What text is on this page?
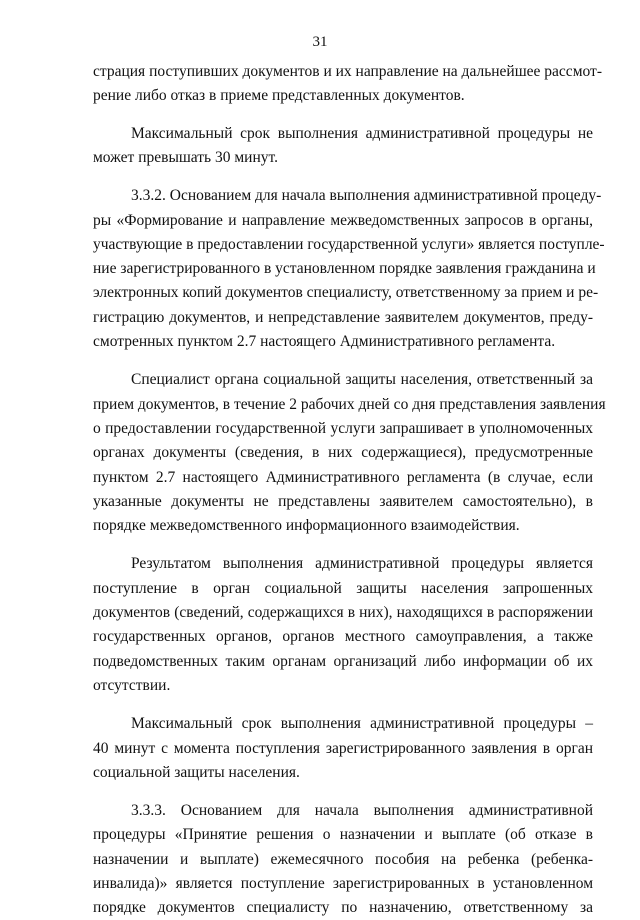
31
страция поступивших документов и их направление на дальнейшее рассмот-
рение либо отказ в приеме представленных документов.
Максимальный срок выполнения административной процедуры не
может превышать 30 минут.
3.3.2. Основанием для начала выполнения административной процеду-
ры «Формирование и направление межведомственных запросов в органы,
участвующие в предоставлении государственной услуги» является поступле-
ние зарегистрированного в установленном порядке заявления гражданина и
электронных копий документов специалисту, ответственному за прием и ре-
гистрацию документов, и непредставление заявителем документов, преду-
смотренных пунктом 2.7 настоящего Административного регламента.
Специалист органа социальной защиты населения, ответственный за
прием документов, в течение 2 рабочих дней со дня представления заявления
о предоставлении государственной услуги запрашивает в уполномоченных
органах документы (сведения, в них содержащиеся), предусмотренные
пунктом 2.7 настоящего Административного регламента (в случае, если
указанные документы не представлены заявителем самостоятельно), в
порядке межведомственного информационного взаимодействия.
Результатом выполнения административной процедуры является
поступление в орган социальной защиты населения запрошенных
документов (сведений, содержащихся в них), находящихся в распоряжении
государственных органов, органов местного самоуправления, а также
подведомственных таким органам организаций либо информации об их
отсутствии.
Максимальный срок выполнения административной процедуры –
40 минут с момента поступления зарегистрированного заявления в орган
социальной защиты населения.
3.3.3. Основанием для начала выполнения административной
процедуры «Принятие решения о назначении и выплате (об отказе в
назначении и выплате) ежемесячного пособия на ребенка (ребенка-
инвалида)» является поступление зарегистрированных в установленном
порядке документов специалисту по назначению, ответственному за
